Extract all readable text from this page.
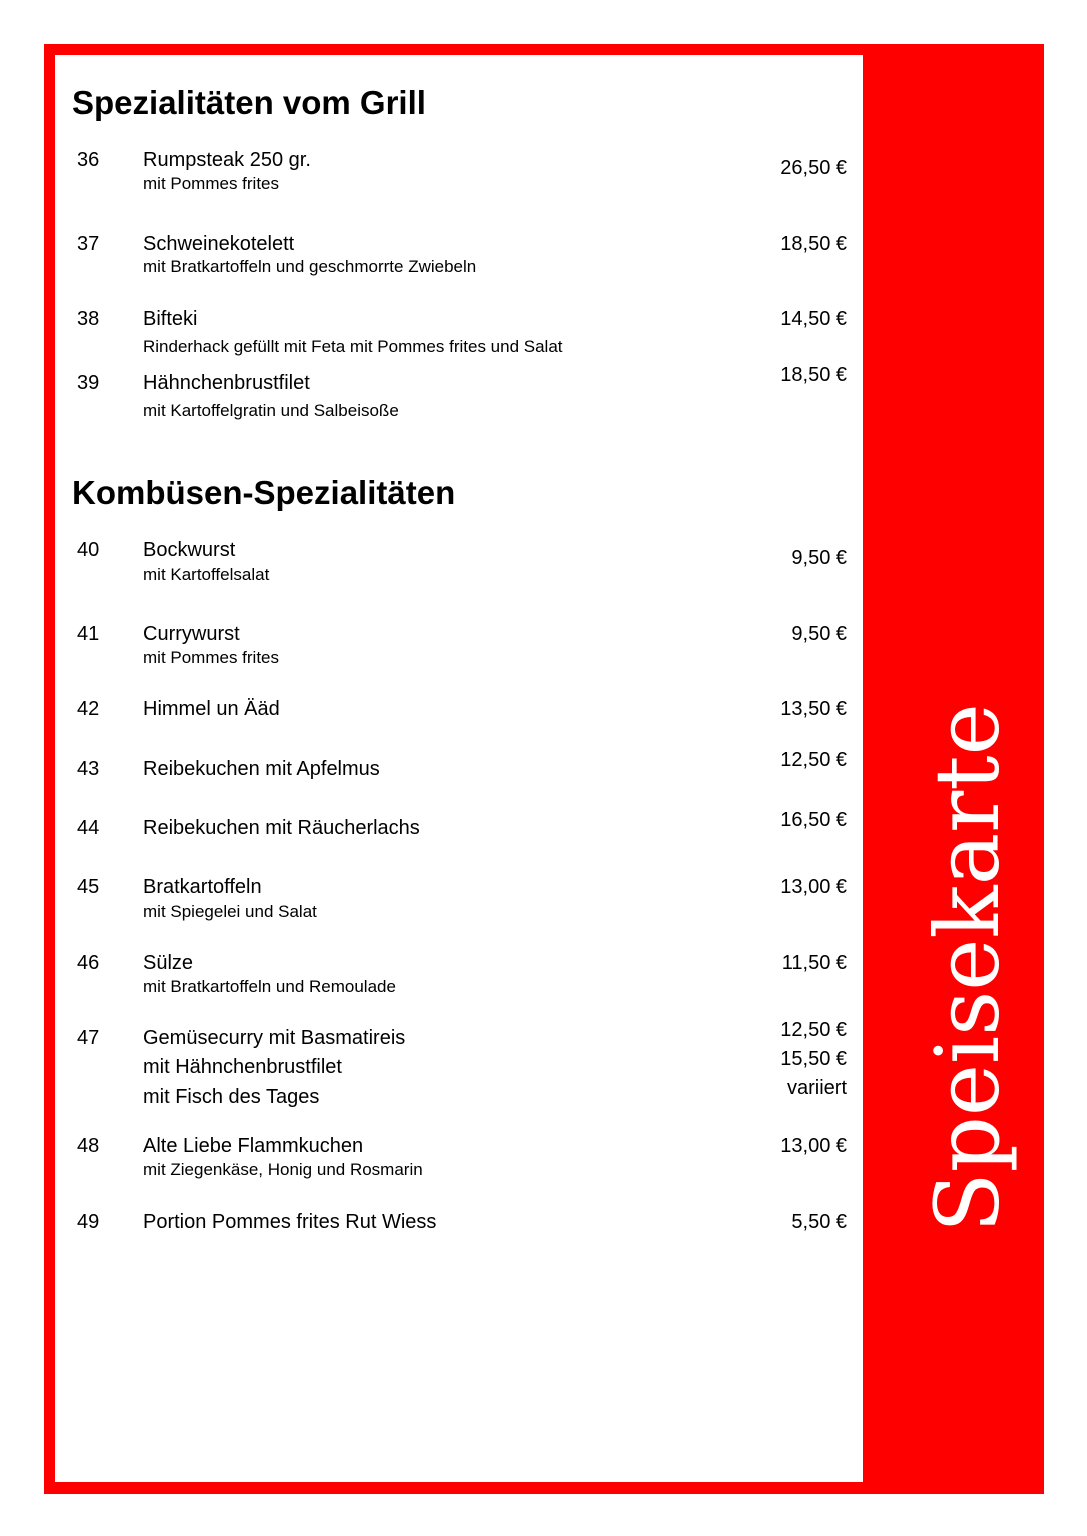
Speisekarte
Spezialitäten vom Grill
36 Rumpsteak 250 gr.
mit Pommes frites
26,50 €
37 Schweinekotelett
mit Bratkartoffeln und geschmorrte Zwiebeln
18,50 €
38 Bifteki
Rinderhack gefüllt mit Feta mit Pommes frites und Salat
14,50 €
39 Hähnchenbrustfilet
mit Kartoffelgratin und Salbeisoße
18,50 €
Kombüsen-Spezialitäten
40 Bockwurst
mit Kartoffelsalat
9,50 €
41 Currywurst
mit Pommes frites
9,50 €
42 Himmel un Ääd	13,50 €
43 Reibekuchen mit Apfelmus	12,50 €
44 Reibekuchen mit Räucherlachs	16,50 €
45 Bratkartoffeln
mit Spiegelei und Salat
13,00 €
46 Sülze
mit Bratkartoffeln und Remoulade
11,50 €
47 Gemüsecurry mit Basmatireis	12,50 €
mit Hähnchenbrustfilet	15,50 €
mit Fisch des Tages	variiert
48 Alte Liebe Flammkuchen
mit Ziegenkäse, Honig und Rosmarin
13,00 €
49 Portion Pommes frites Rut Wiess	5,50 €
